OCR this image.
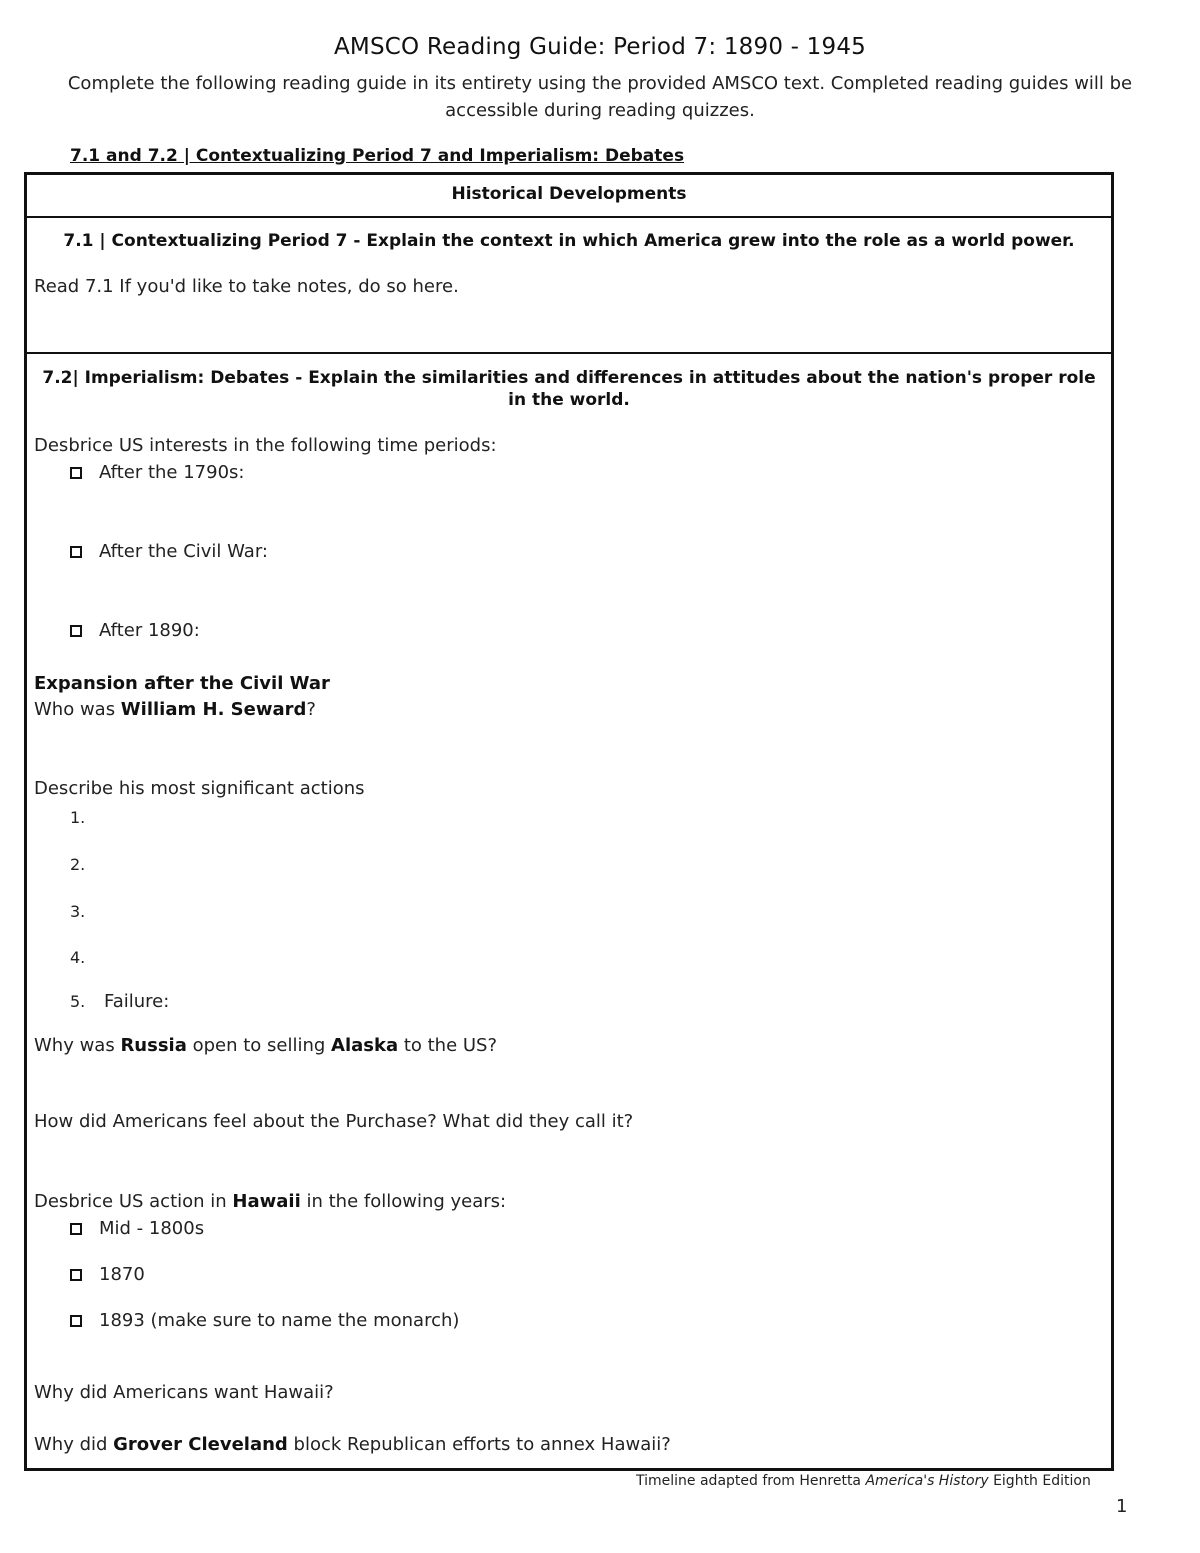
AMSCO Reading Guide: Period 7: 1890 - 1945
Complete the following reading guide in its entirety using the provided AMSCO text. Completed reading guides will be accessible during reading quizzes.
7.1 and 7.2 | Contextualizing Period 7 and Imperialism: Debates
Historical Developments
7.1 | Contextualizing Period 7 - Explain the context in which America grew into the role as a world power.
Read 7.1 If you'd like to take notes, do so here.
7.2| Imperialism: Debates - Explain the similarities and differences in attitudes about the nation's proper role in the world.
Desbrice US interests in the following time periods:
After the 1790s:
After the Civil War:
After 1890:
Expansion after the Civil War
Who was William H. Seward?
Describe his most significant actions
1.
2.
3.
4.
5. Failure:
Why was Russia open to selling Alaska to the US?
How did Americans feel about the Purchase? What did they call it?
Desbrice US action in Hawaii in the following years:
Mid - 1800s
1870
1893 (make sure to name the monarch)
Why did Americans want Hawaii?
Why did Grover Cleveland block Republican efforts to annex Hawaii?
Timeline adapted from Henretta America's History Eighth Edition
1
